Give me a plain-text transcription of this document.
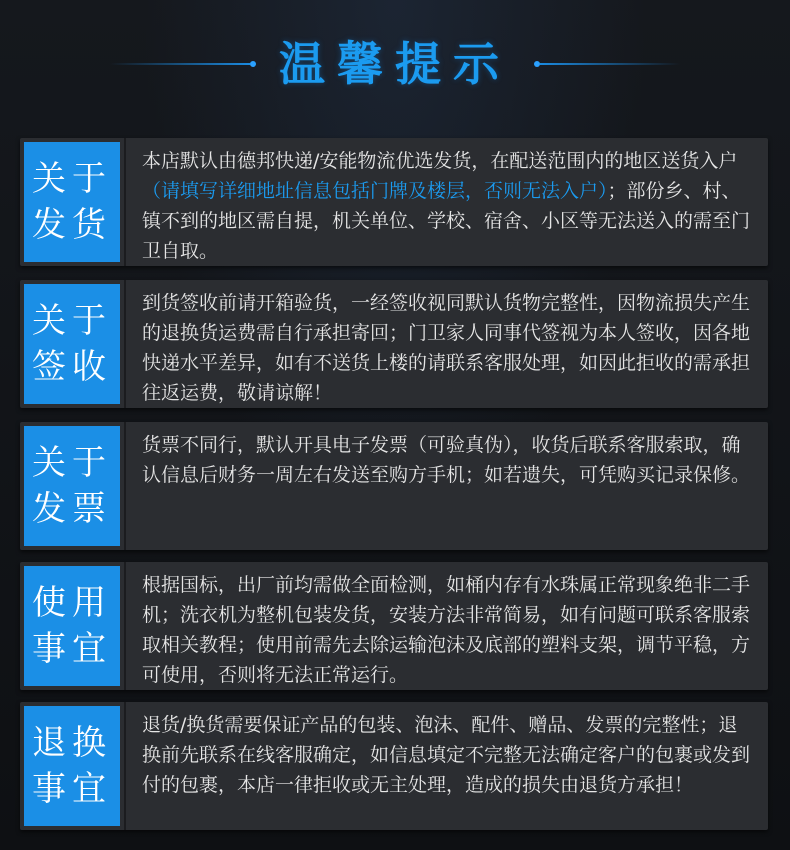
温馨提示
关于
发货
本店默认由德邦快递/安能物流优选发货，在配送范围内的地区送货入户（请填写详细地址信息包括门牌及楼层，否则无法入户）；部份乡、村、镇不到的地区需自提，机关单位、学校、宿舍、小区等无法送入的需至门卫自取。
关于
签收
到货签收前请开箱验货，一经签收视同默认货物完整性，因物流损失产生的退换货运费需自行承担寄回；门卫家人同事代签视为本人签收，因各地快递水平差异，如有不送货上楼的请联系客服处理，如因此拒收的需承担往返运费，敬请谅解！
关于
发票
货票不同行，默认开具电子发票（可验真伪），收货后联系客服索取，确认信息后财务一周左右发送至购方手机；如若遗失，可凭购买记录保修。
使用
事宜
根据国标，出厂前均需做全面检测，如桶内存有水珠属正常现象绝非二手机；洗衣机为整机包装发货，安装方法非常简易，如有问题可联系客服索取相关教程；使用前需先去除运输泡沫及底部的塑料支架，调节平稳，方可使用，否则将无法正常运行。
退换
事宜
退货/换货需要保证产品的包装、泡沫、配件、赠品、发票的完整性；退换前先联系在线客服确定，如信息填定不完整无法确定客户的包裹或发到付的包裹，本店一律拒收或无主处理，造成的损失由退货方承担！
